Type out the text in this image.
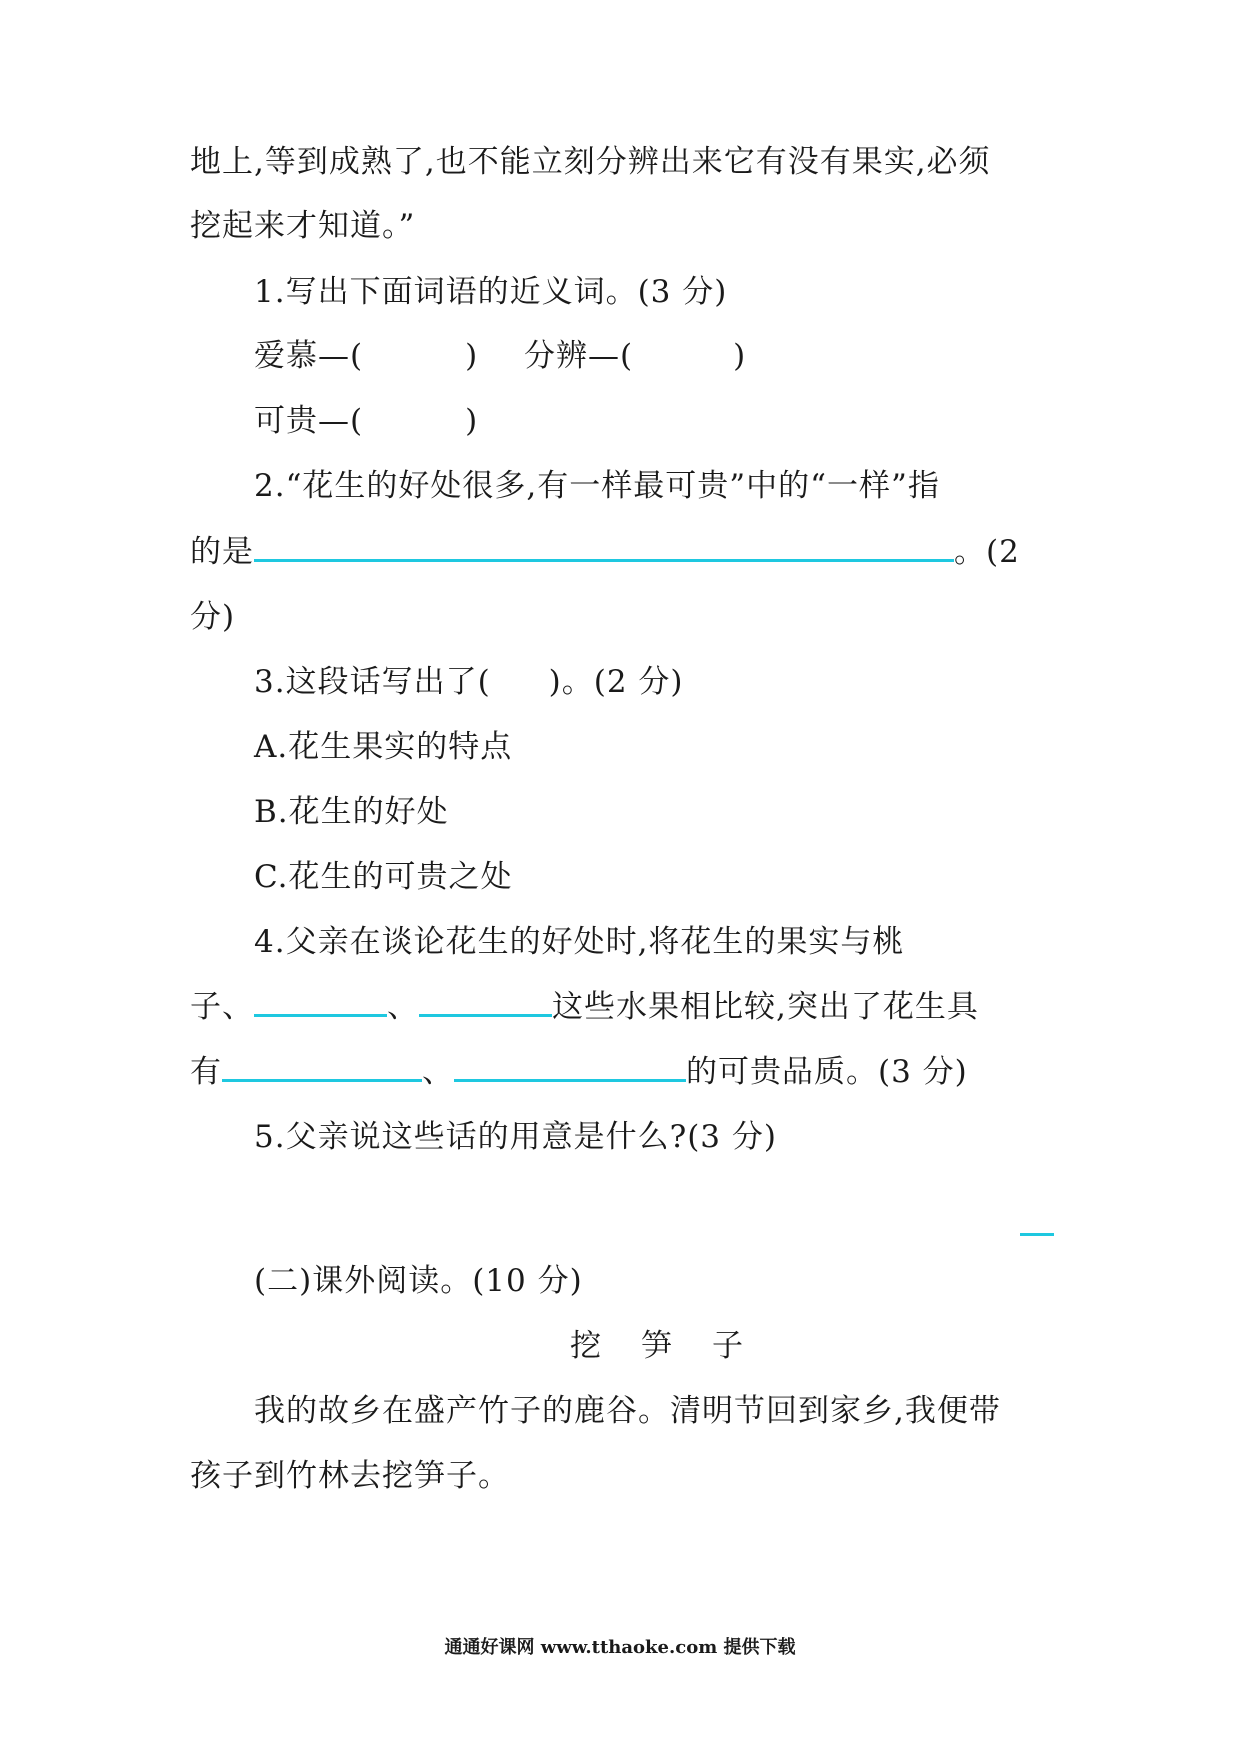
地上,等到成熟了,也不能立刻分辨出来它有没有果实,必须
挖起来才知道。”
1.写出下面词语的近义词。(3 分)
爱慕—(	) 分辨—(	)
可贵—(	)
2.“花生的好处很多,有一样最可贵”中的“一样”指
的是	。(2
分)
3.这段话写出了( )。(2 分)
A.花生果实的特点
B.花生的好处
C.花生的可贵之处
4.父亲在谈论花生的好处时,将花生的果实与桃
子、	、	这些水果相比较,突出了花生具
有	、	的可贵品质。(3 分)
5.父亲说这些话的用意是什么?(3 分)
(二)课外阅读。(10 分)
挖 笋 子
我的故乡在盛产竹子的鹿谷。清明节回到家乡,我便带
孩子到竹林去挖笋子。
通通好课网 www.tthaoke.com 提供下载
